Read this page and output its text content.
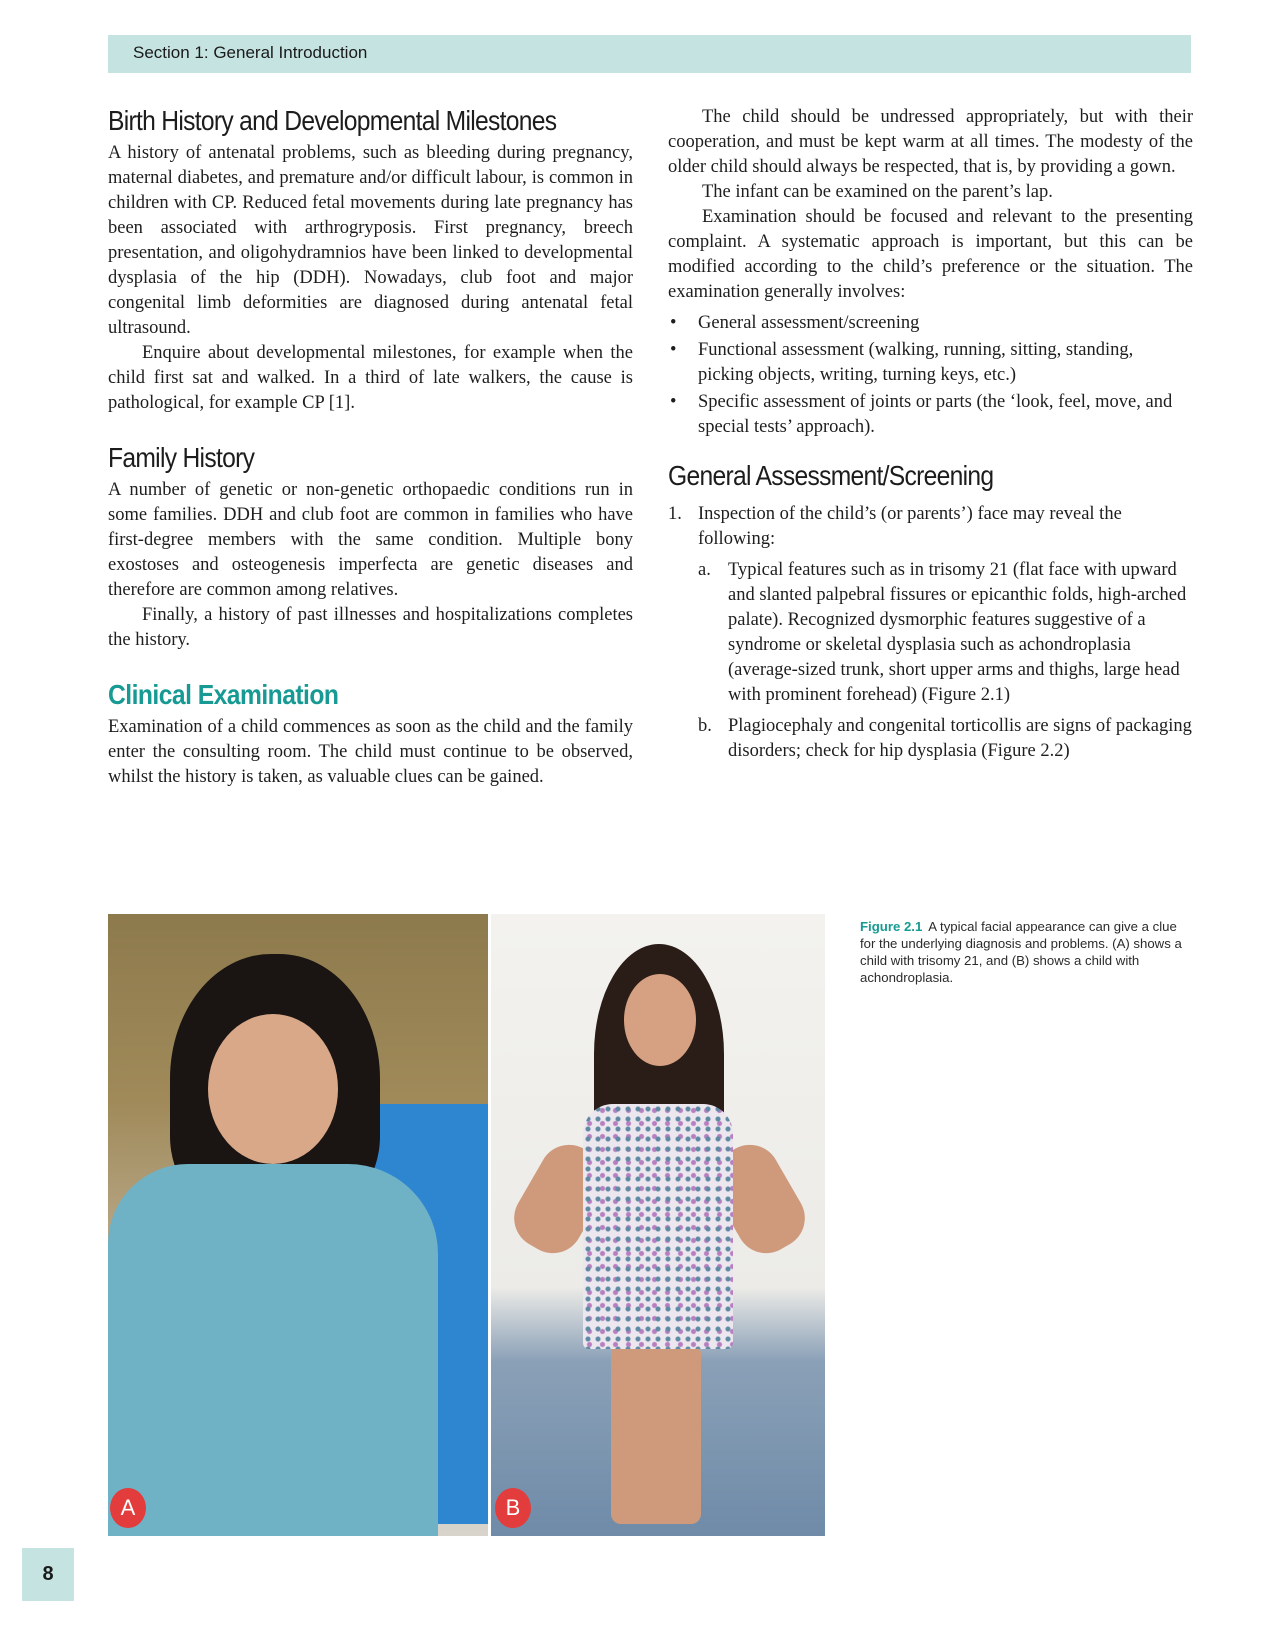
Section 1: General Introduction
Birth History and Developmental Milestones

A history of antenatal problems, such as bleeding during pregnancy, maternal diabetes, and premature and/or difficult labour, is common in children with CP. Reduced fetal movements during late pregnancy has been associated with arthrogryposis. First pregnancy, breech presentation, and oligohydramnios have been linked to developmental dysplasia of the hip (DDH). Nowadays, club foot and major congenital limb deformities are diagnosed during antenatal fetal ultrasound.

Enquire about developmental milestones, for example when the child first sat and walked. In a third of late walkers, the cause is pathological, for example CP [1].

Family History

A number of genetic or non-genetic orthopaedic conditions run in some families. DDH and club foot are common in families who have first-degree members with the same condition. Multiple bony exostoses and osteogenesis imperfecta are genetic diseases and therefore are common among relatives.

Finally, a history of past illnesses and hospitalizations completes the history.

Clinical Examination

Examination of a child commences as soon as the child and the family enter the consulting room. The child must continue to be observed, whilst the history is taken, as valuable clues can be gained.

The child should be undressed appropriately, but with their cooperation, and must be kept warm at all times. The modesty of the older child should always be respected, that is, by providing a gown.

The infant can be examined on the parent’s lap.

Examination should be focused and relevant to the presenting complaint. A systematic approach is important, but this can be modified according to the child’s preference or the situation. The examination generally involves:

• General assessment/screening
• Functional assessment (walking, running, sitting, standing, picking objects, writing, turning keys, etc.)
• Specific assessment of joints or parts (the ‘look, feel, move, and special tests’ approach).
General Assessment/Screening
1. Inspection of the child’s (or parents’) face may reveal the following:
a. Typical features such as in trisomy 21 (flat face with upward and slanted palpebral fissures or epicanthic folds, high-arched palate). Recognized dysmorphic features suggestive of a syndrome or skeletal dysplasia such as achondroplasia (average-sized trunk, short upper arms and thighs, large head with prominent forehead) (Figure 2.1)
b. Plagiocephaly and congenital torticollis are signs of packaging disorders; check for hip dysplasia (Figure 2.2)
A	B
Figure 2.1 A typical facial appearance can give a clue for the underlying diagnosis and problems. (A) shows a child with trisomy 21, and (B) shows a child with achondroplasia.
8
